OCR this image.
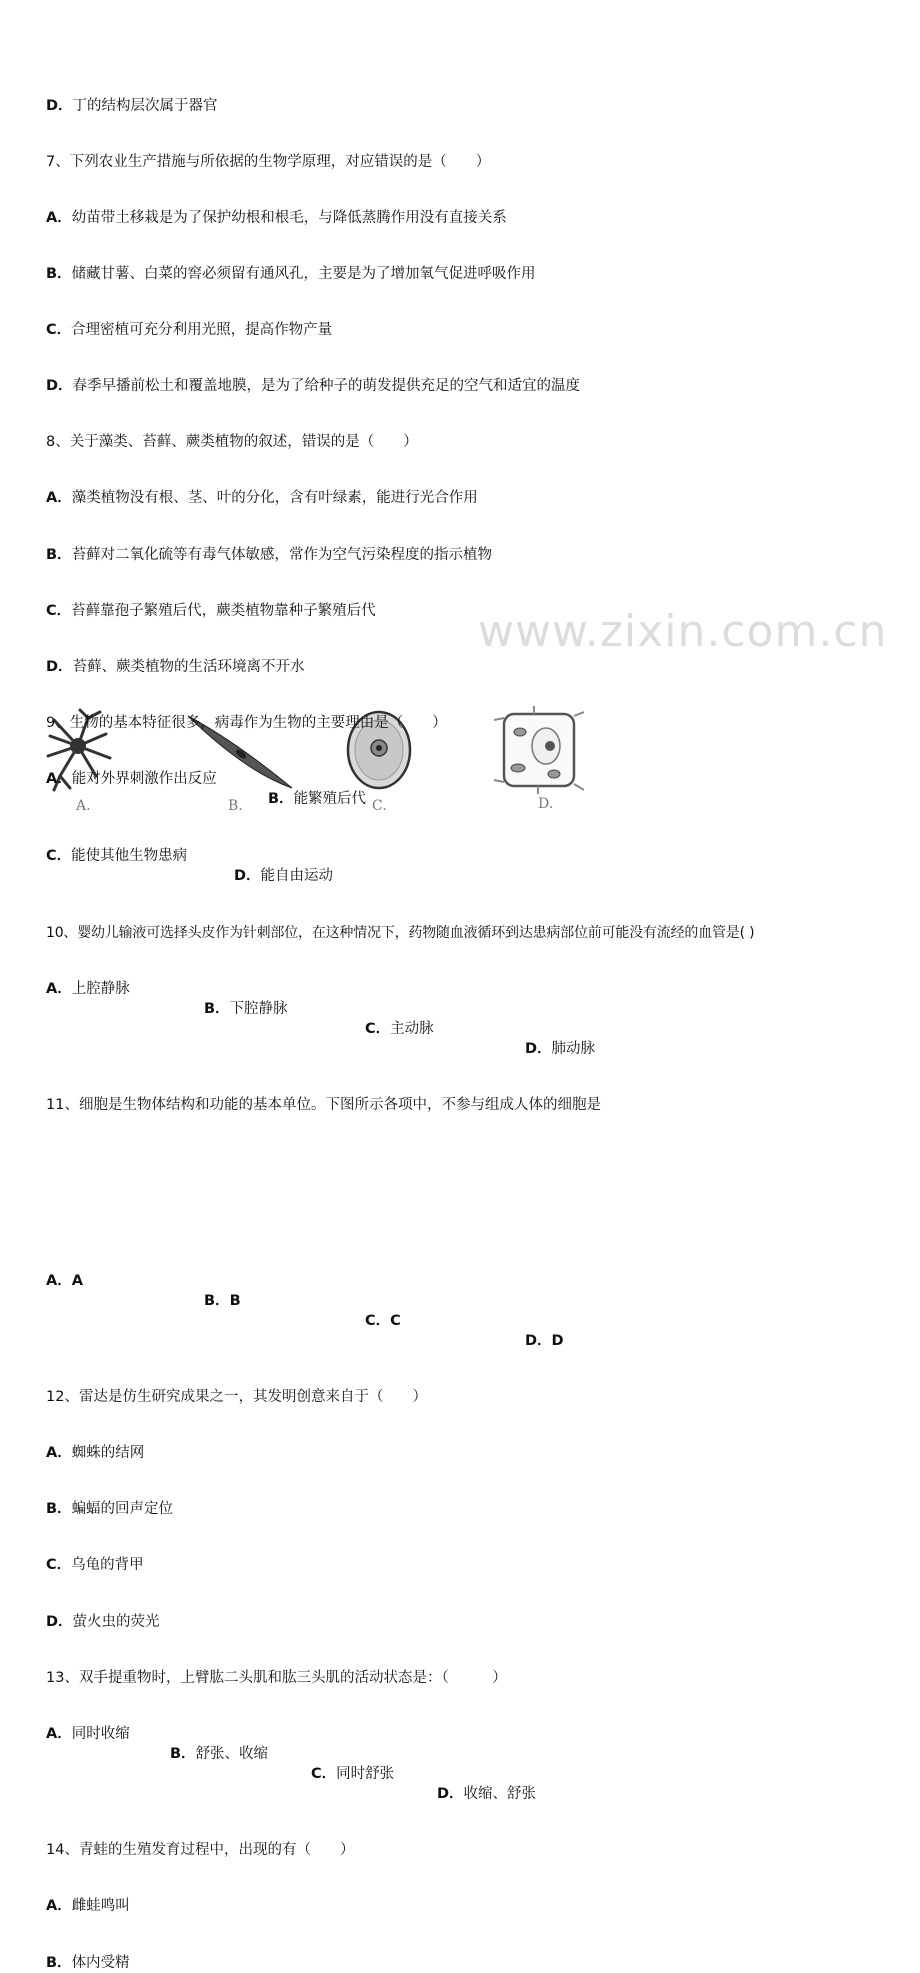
www.zixin.com.cn
D．丁的结构层次属于器官
7、下列农业生产措施与所依据的生物学原理，对应错误的是（　　）
A．幼苗带土移栽是为了保护幼根和根毛，与降低蒸腾作用没有直接关系
B．储藏甘薯、白菜的窖必须留有通风孔，主要是为了增加氧气促进呼吸作用
C．合理密植可充分利用光照，提高作物产量
D．春季早播前松土和覆盖地膜，是为了给种子的萌发提供充足的空气和适宜的温度
8、关于藻类、苔藓、蕨类植物的叙述，错误的是（　　）
A．藻类植物没有根、茎、叶的分化，含有叶绿素，能进行光合作用
B．苔藓对二氧化硫等有毒气体敏感，常作为空气污染程度的指示植物
C．苔藓靠孢子繁殖后代，蕨类植物靠种子繁殖后代
D．苔藓、蕨类植物的生活环境离不开水
9、生物的基本特征很多，病毒作为生物的主要理由是（　　）
A．能对外界刺激作出反应
B．能繁殖后代
C．能使其他生物患病
D．能自由运动
10、婴幼儿输液可选择头皮作为针刺部位，在这种情况下，药物随血液循环到达患病部位前可能没有流经的血管是( )
A．上腔静脉
B．下腔静脉
C．主动脉
D．肺动脉
11、细胞是生物体结构和功能的基本单位。下图所示各项中，不参与组成人体的细胞是
A.	B.	C.	D.
A．A
B．B
C．C
D．D
12、雷达是仿生研究成果之一，其发明创意来自于（　　）
A．蜘蛛的结网
B．蝙蝠的回声定位
C．乌龟的背甲
D．萤火虫的荧光
13、双手提重物时，上臂肱二头肌和肱三头肌的活动状态是：（　　　）
A．同时收缩
B．舒张、收缩
C．同时舒张
D．收缩、舒张
14、青蛙的生殖发育过程中，出现的有（　　）
A．雌蛙鸣叫
B．体内受精
